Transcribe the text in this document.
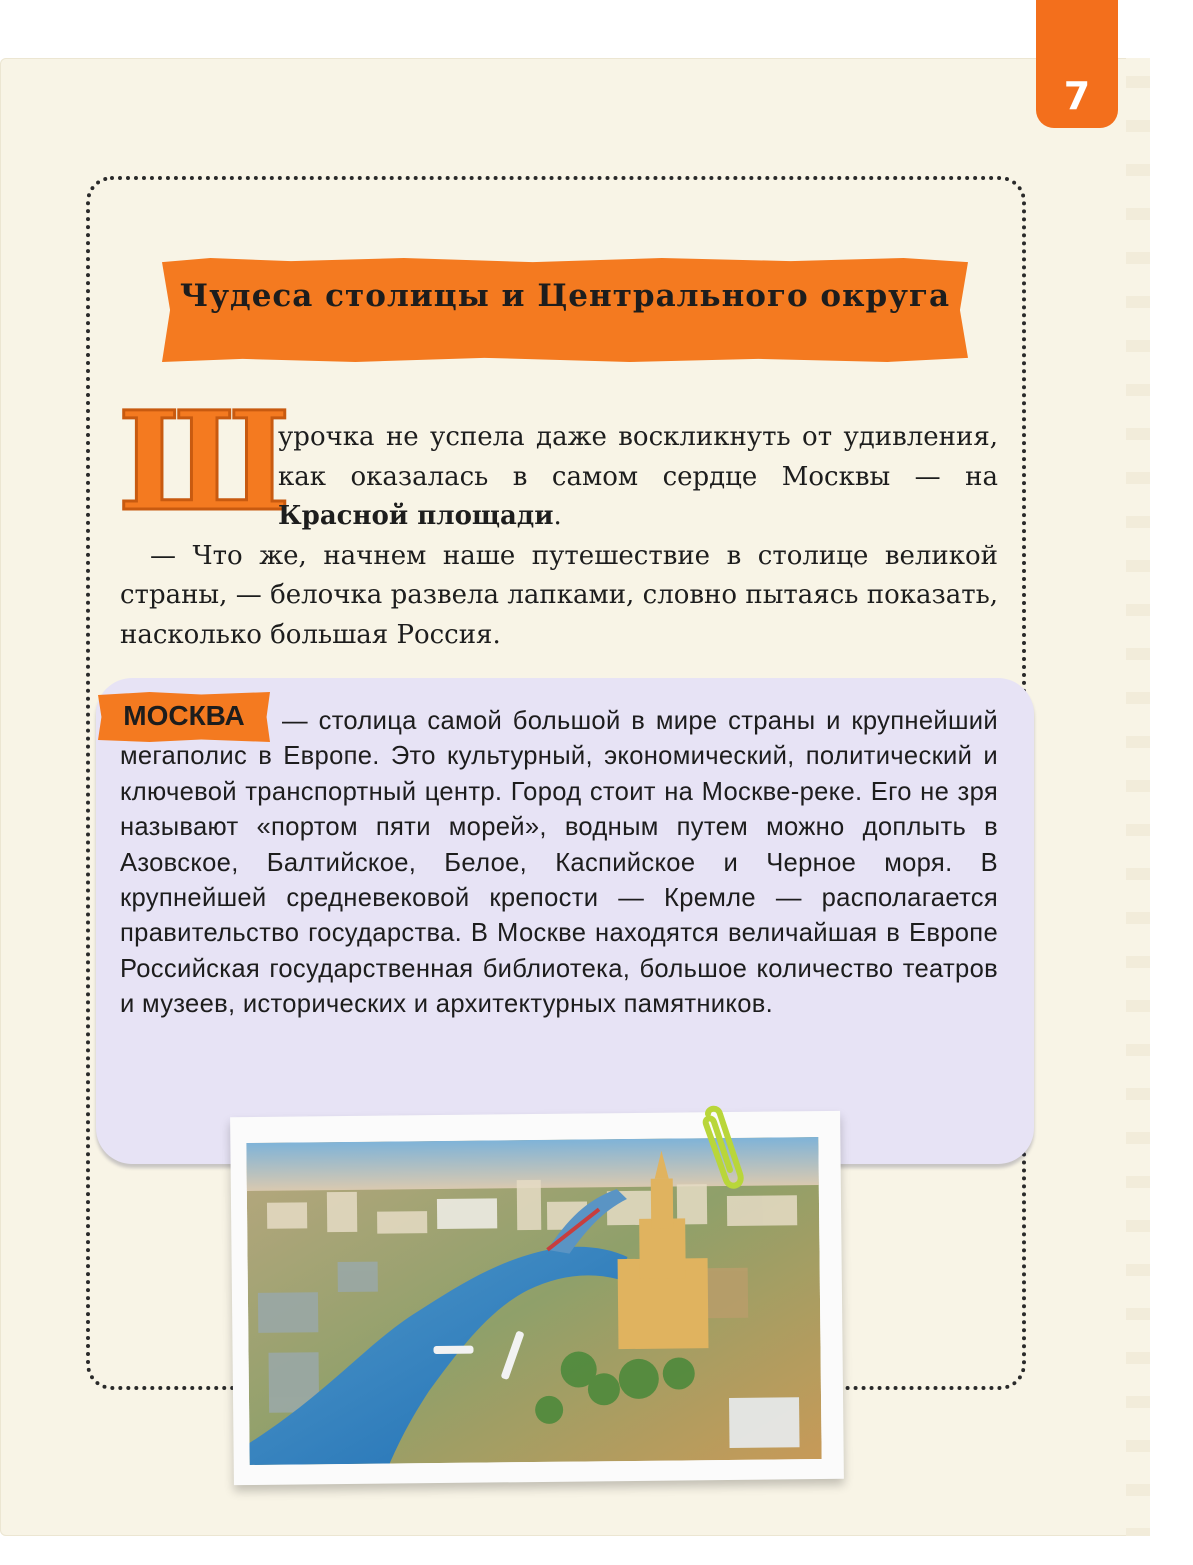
7
Чудеса столицы и Центрального округа
Ш

урочка не успела даже воскликнуть от удивления, как оказалась в самом сердце Москвы — на Красной площади.

— Что же, начнем наше путешествие в столице великой страны, — белочка развела лапками, словно пытаясь показать, насколько большая Россия.

МОСКВА	— столица самой большой в мире страны и крупнейший мегаполис в Европе. Это культурный, экономический, политический и ключевой транспортный центр. Город стоит на Москве-реке. Его не зря называют «портом пяти морей», водным путем можно доплыть в Азовское, Балтийское, Белое, Каспийское и Черное моря. В крупнейшей средневековой крепости — Кремле — располагается правительство государства. В Москве находятся величайшая в Европе Российская государственная библиотека, большое количество театров и музеев, исторических и архитектурных памятников.
